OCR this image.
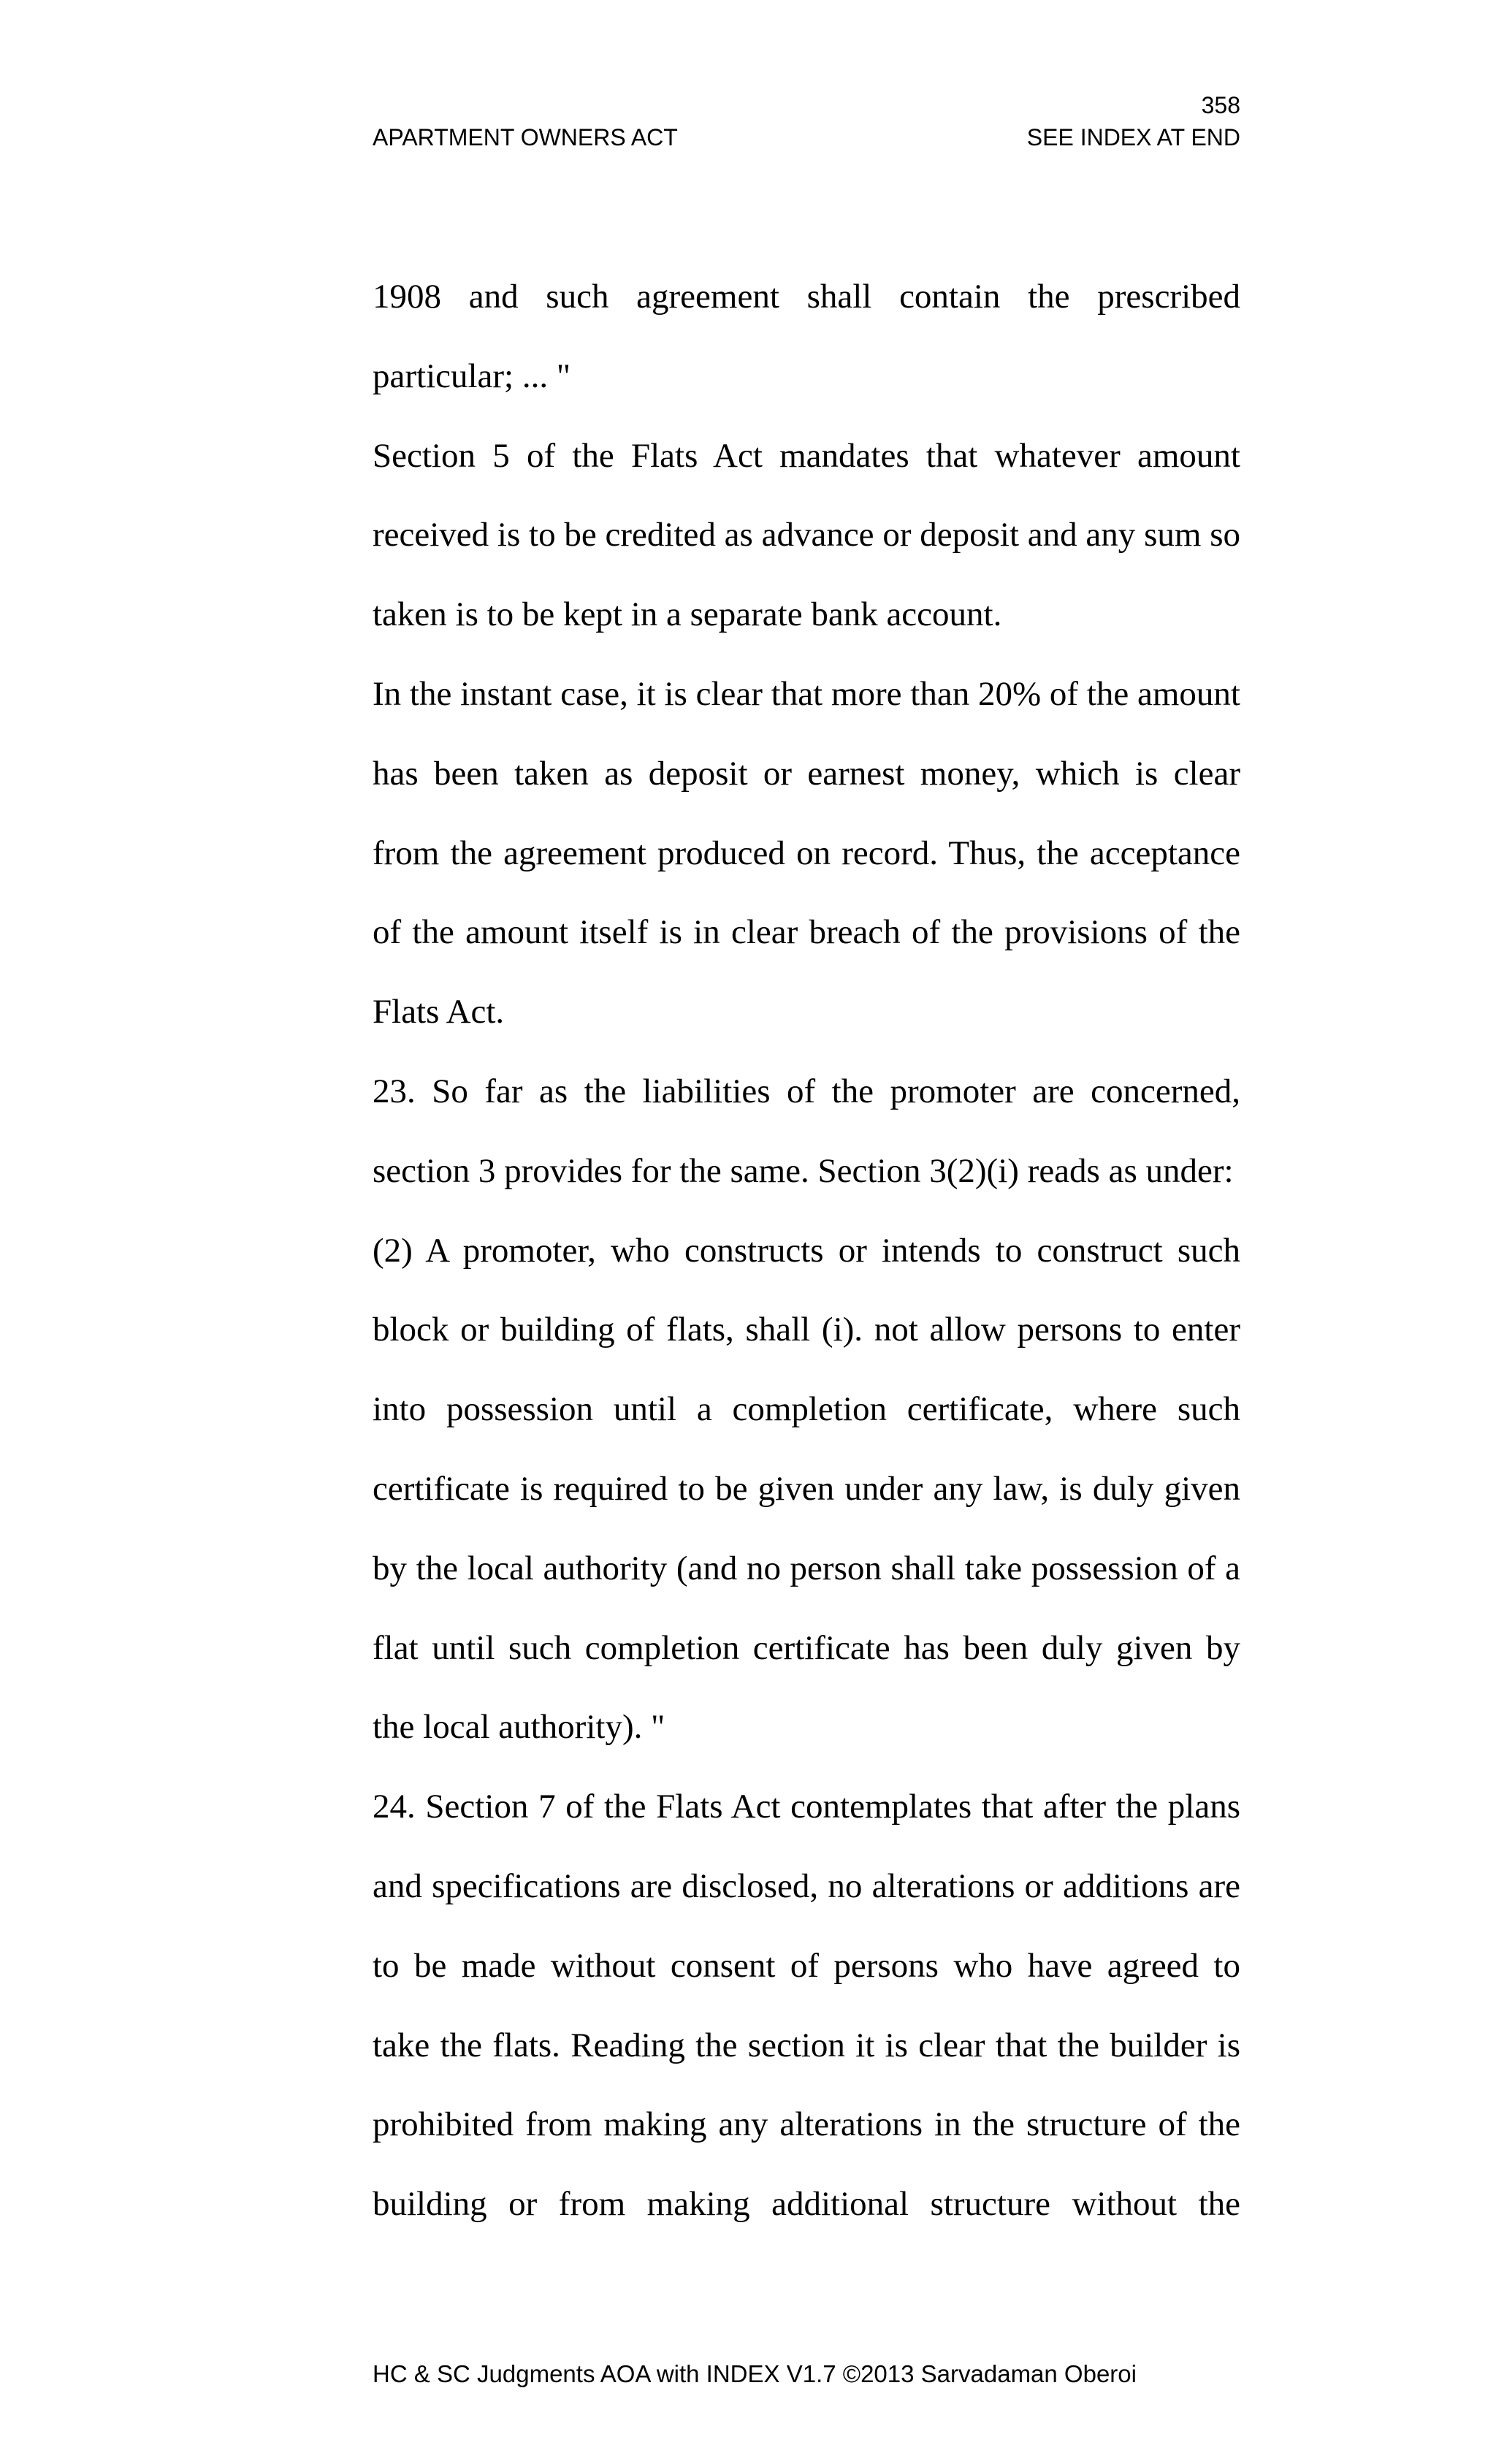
358
APARTMENT OWNERS ACT	SEE INDEX AT END

1908 and such agreement shall contain the prescribed particular; ... "

Section 5 of the Flats Act mandates that whatever amount received is to be credited as advance or deposit and any sum so taken is to be kept in a separate bank account.

In the instant case, it is clear that more than 20% of the amount has been taken as deposit or earnest money, which is clear from the agreement produced on record. Thus, the acceptance of the amount itself is in clear breach of the provisions of the Flats Act.

23. So far as the liabilities of the promoter are concerned, section 3 provides for the same. Section 3(2)(i) reads as under:

(2) A promoter, who constructs or intends to construct such block or building of flats, shall (i). not allow persons to enter into possession until a completion certificate, where such certificate is required to be given under any law, is duly given by the local authority (and no person shall take possession of a flat until such completion certificate has been duly given by the local authority). "

24. Section 7 of the Flats Act contemplates that after the plans and specifications are disclosed, no alterations or additions are to be made without consent of persons who have agreed to take the flats. Reading the section it is clear that the builder is prohibited from making any alterations in the structure of the building or from making additional structure without the

HC & SC Judgments AOA with INDEX V1.7 ©2013 Sarvadaman Oberoi
